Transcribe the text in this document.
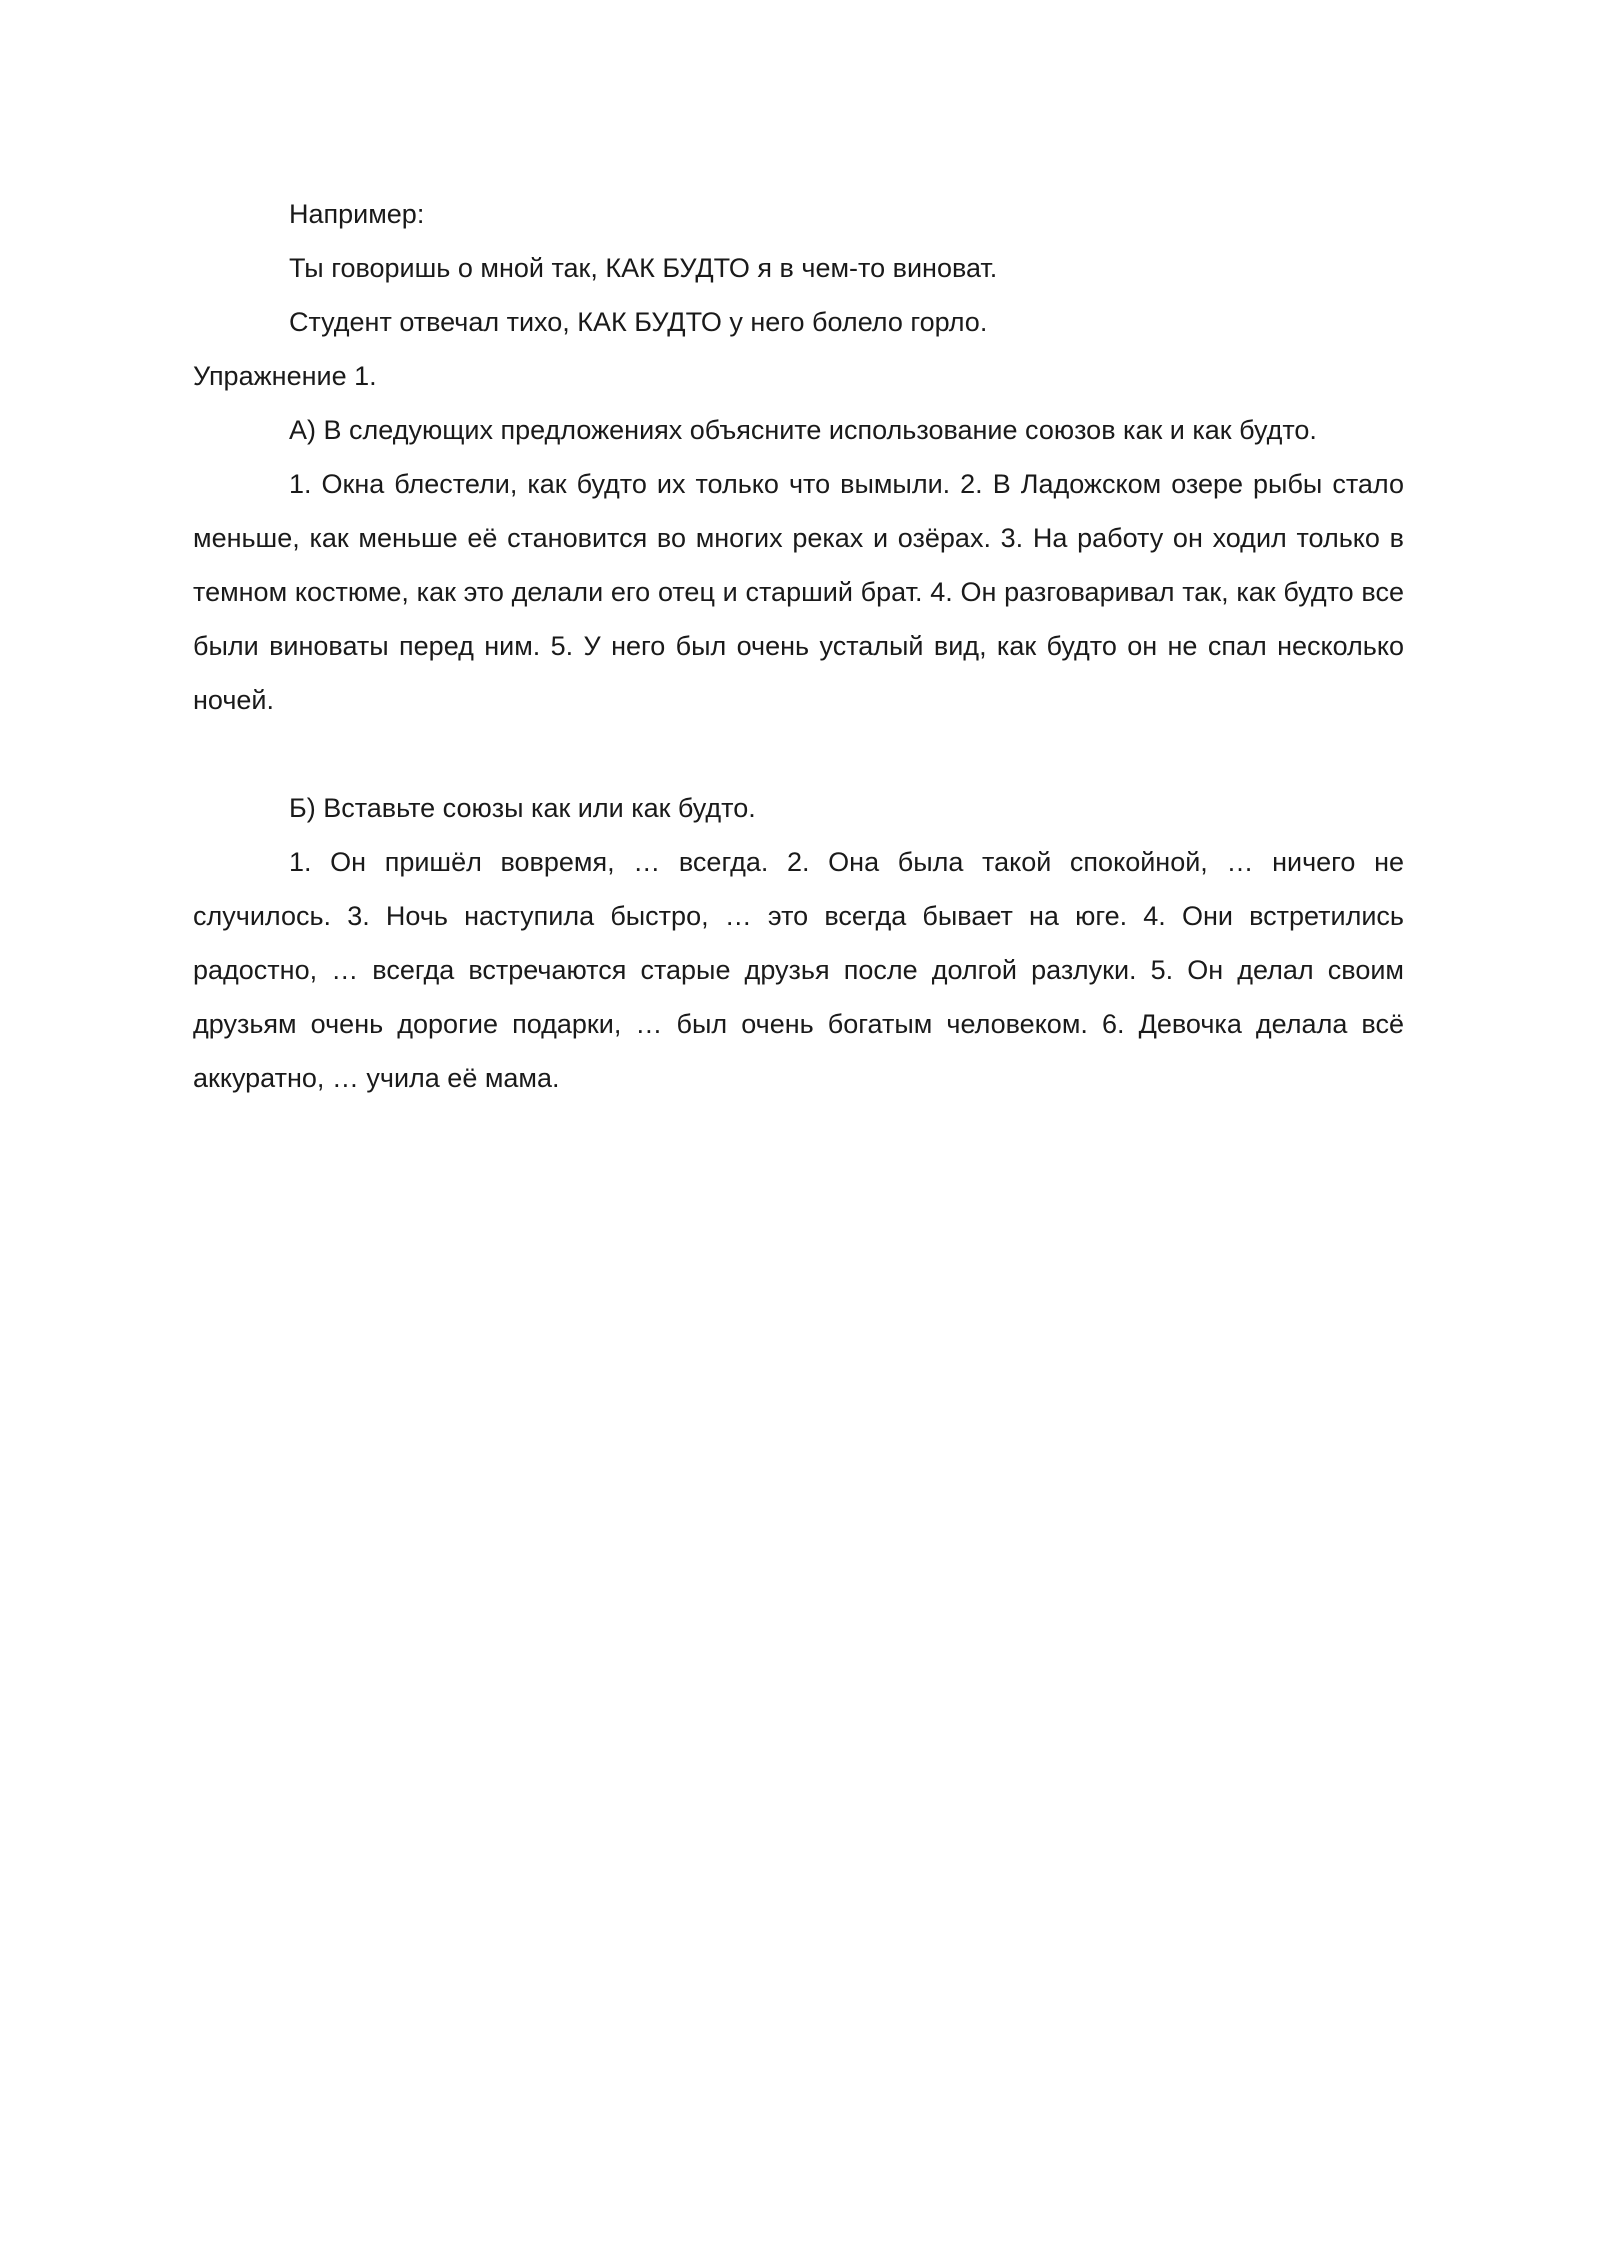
Например:

Ты говоришь о мной так, КАК БУДТО я в чем-то виноват.

Студент отвечал тихо, КАК БУДТО у него болело горло.

Упражнение 1.

А) В следующих предложениях объясните использование союзов как и как будто.

1. Окна блестели, как будто их только что вымыли. 2. В Ладожском озере рыбы стало меньше, как меньше её становится во многих реках и озёрах. 3. На работу он ходил только в темном костюме, как это делали его отец и старший брат. 4. Он разговаривал так, как будто все были виноваты перед ним. 5. У него был очень усталый вид, как будто он не спал несколько ночей.

Б) Вставьте союзы как или как будто.

1. Он пришёл вовремя, … всегда. 2. Она была такой спокойной, … ничего не случилось. 3. Ночь наступила быстро, … это всегда бывает на юге. 4. Они встретились радостно, … всегда встречаются старые друзья после долгой разлуки. 5. Он делал своим друзьям очень дорогие подарки, … был очень богатым человеком. 6. Девочка делала всё аккуратно, … учила её мама.
